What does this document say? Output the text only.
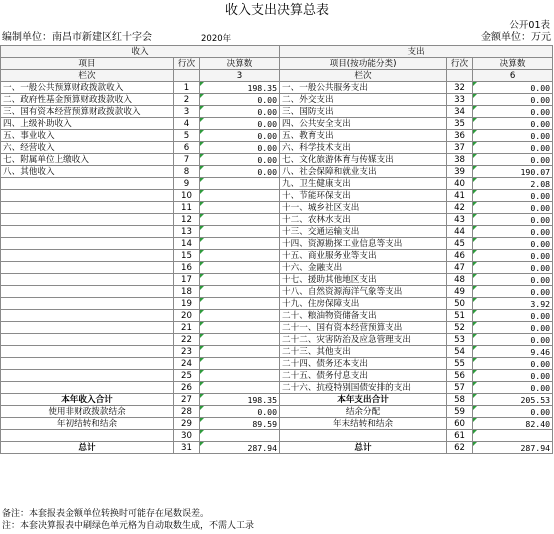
收入支出决算总表
公开01表
编制单位：南昌市新建区红十字会	2020年	金额单位：万元
收入			支出		
项目	行次	决算数	项目(按功能分类)	行次	决算数
栏次		3	栏次		6
一、一般公共预算财政拨款收入	1	198.35	一、一般公共服务支出	32	0.00
二、政府性基金预算财政拨款收入	2	0.00	二、外交支出	33	0.00
三、国有资本经营预算财政拨款收入	3	0.00	三、国防支出	34	0.00
四、上级补助收入	4	0.00	四、公共安全支出	35	0.00
五、事业收入	5	0.00	五、教育支出	36	0.00
六、经营收入	6	0.00	六、科学技术支出	37	0.00
七、附属单位上缴收入	7	0.00	七、文化旅游体育与传媒支出	38	0.00
八、其他收入	8	0.00	八、社会保障和就业支出	39	190.07
	9		九、卫生健康支出	40	2.08
	10		十、节能环保支出	41	0.00
	11		十一、城乡社区支出	42	0.00
	12		十二、农林水支出	43	0.00
	13		十三、交通运输支出	44	0.00
	14		十四、资源勘探工业信息等支出	45	0.00
	15		十五、商业服务业等支出	46	0.00
	16		十六、金融支出	47	0.00
	17		十七、援助其他地区支出	48	0.00
	18		十八、自然资源海洋气象等支出	49	0.00
	19		十九、住房保障支出	50	3.92
	20		二十、粮油物资储备支出	51	0.00
	21		二十一、国有资本经营预算支出	52	0.00
	22		二十二、灾害防治及应急管理支出	53	0.00
	23		二十三、其他支出	54	9.46
	24		二十四、债务还本支出	55	0.00
	25		二十五、债务付息支出	56	0.00
	26		二十六、抗疫特别国债安排的支出	57	0.00
本年收入合计	27	198.35	本年支出合计	58	205.53
使用非财政拨款结余	28	0.00	结余分配	59	0.00
年初结转和结余	29	89.59	年末结转和结余	60	82.40
	30			61	
总计	31	287.94	总计	62	287.94
备注：本套报表金额单位转换时可能存在尾数误差。
注：本套决算报表中刷绿色单元格为自动取数生成，不需人工录
